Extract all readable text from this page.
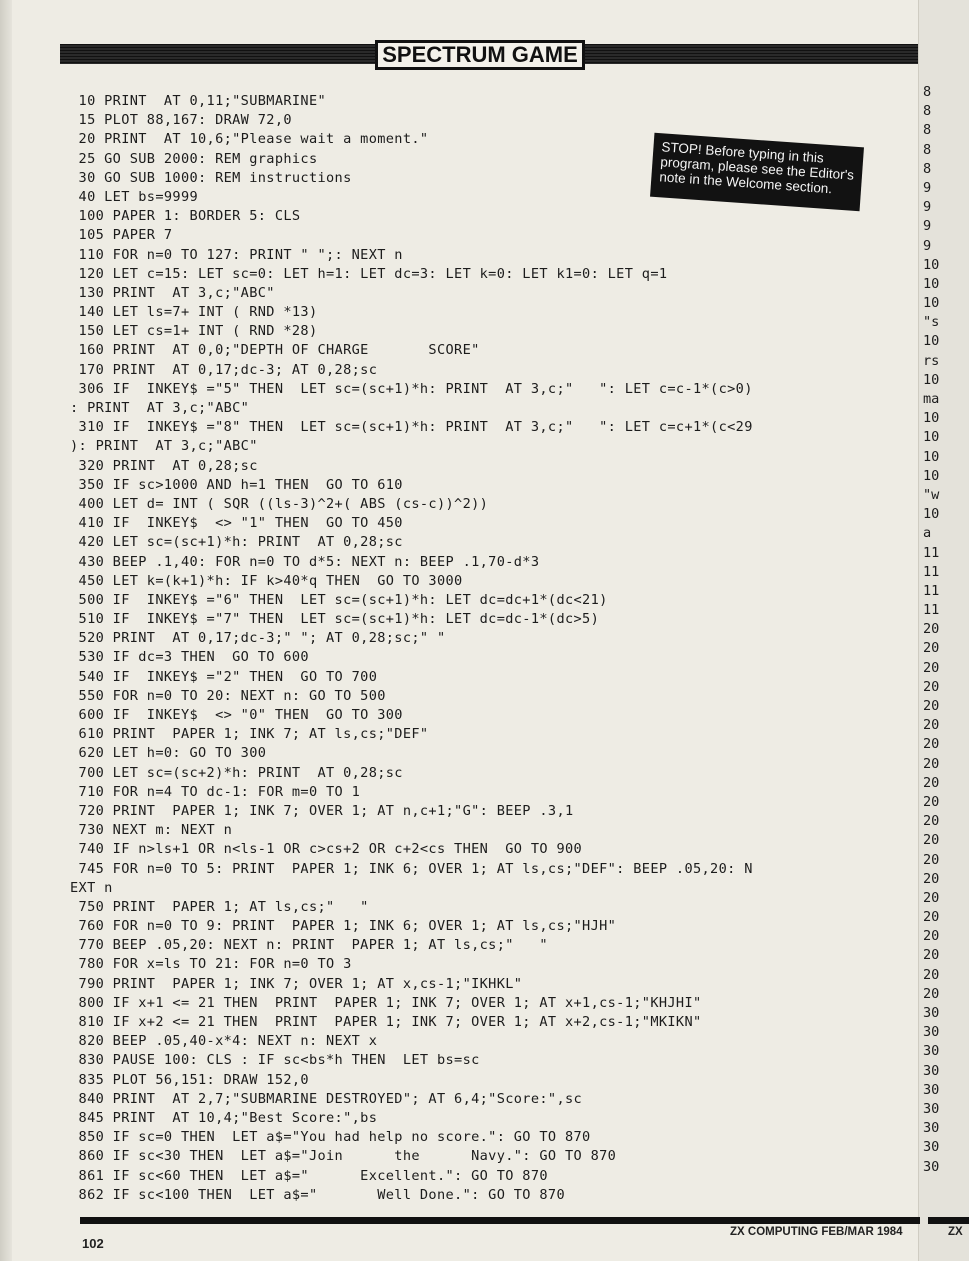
SPECTRUM GAME
10 PRINT  AT 0,11;"SUBMARINE"
15 PLOT 88,167: DRAW 72,0
20 PRINT  AT 10,6;"Please wait a moment."
25 GO SUB 2000: REM graphics
30 GO SUB 1000: REM instructions
40 LET bs=9999
100 PAPER 1: BORDER 5: CLS
105 PAPER 7
110 FOR n=0 TO 127: PRINT " ";: NEXT n
120 LET c=15: LET sc=0: LET h=1: LET dc=3: LET k=0: LET k1=0: LET q=1
130 PRINT  AT 3,c;"ABC"
140 LET ls=7+ INT ( RND *13)
150 LET cs=1+ INT ( RND *28)
160 PRINT  AT 0,0;"DEPTH OF CHARGE       SCORE"
170 PRINT  AT 0,17;dc-3; AT 0,28;sc
306 IF  INKEY$ ="5" THEN  LET sc=(sc+1)*h: PRINT  AT 3,c;"   ": LET c=c-1*(c>0)
: PRINT  AT 3,c;"ABC"
310 IF  INKEY$ ="8" THEN  LET sc=(sc+1)*h: PRINT  AT 3,c;"   ": LET c=c+1*(c<29
): PRINT  AT 3,c;"ABC"
320 PRINT  AT 0,28;sc
350 IF sc>1000 AND h=1 THEN  GO TO 610
400 LET d= INT ( SQR ((ls-3)^2+( ABS (cs-c))^2))
410 IF  INKEY$  <> "1" THEN  GO TO 450
420 LET sc=(sc+1)*h: PRINT  AT 0,28;sc
430 BEEP .1,40: FOR n=0 TO d*5: NEXT n: BEEP .1,70-d*3
450 LET k=(k+1)*h: IF k>40*q THEN  GO TO 3000
500 IF  INKEY$ ="6" THEN  LET sc=(sc+1)*h: LET dc=dc+1*(dc<21)
510 IF  INKEY$ ="7" THEN  LET sc=(sc+1)*h: LET dc=dc-1*(dc>5)
520 PRINT  AT 0,17;dc-3;" "; AT 0,28;sc;" "
530 IF dc=3 THEN  GO TO 600
540 IF  INKEY$ ="2" THEN  GO TO 700
550 FOR n=0 TO 20: NEXT n: GO TO 500
600 IF  INKEY$  <> "0" THEN  GO TO 300
610 PRINT  PAPER 1; INK 7; AT ls,cs;"DEF"
620 LET h=0: GO TO 300
700 LET sc=(sc+2)*h: PRINT  AT 0,28;sc
710 FOR n=4 TO dc-1: FOR m=0 TO 1
720 PRINT  PAPER 1; INK 7; OVER 1; AT n,c+1;"G": BEEP .3,1
730 NEXT m: NEXT n
740 IF n>ls+1 OR n<ls-1 OR c>cs+2 OR c+2<cs THEN  GO TO 900
745 FOR n=0 TO 5: PRINT  PAPER 1; INK 6; OVER 1; AT ls,cs;"DEF": BEEP .05,20: N
EXT n
750 PRINT  PAPER 1; AT ls,cs;"   "
760 FOR n=0 TO 9: PRINT  PAPER 1; INK 6; OVER 1; AT ls,cs;"HJH"
770 BEEP .05,20: NEXT n: PRINT  PAPER 1; AT ls,cs;"   "
780 FOR x=ls TO 21: FOR n=0 TO 3
790 PRINT  PAPER 1; INK 7; OVER 1; AT x,cs-1;"IKHKL"
800 IF x+1 <= 21 THEN  PRINT  PAPER 1; INK 7; OVER 1; AT x+1,cs-1;"KHJHI"
810 IF x+2 <= 21 THEN  PRINT  PAPER 1; INK 7; OVER 1; AT x+2,cs-1;"MKIKN"
820 BEEP .05,40-x*4: NEXT n: NEXT x
830 PAUSE 100: CLS : IF sc<bs*h THEN  LET bs=sc
835 PLOT 56,151: DRAW 152,0
840 PRINT  AT 2,7;"SUBMARINE DESTROYED"; AT 6,4;"Score:",sc
845 PRINT  AT 10,4;"Best Score:",bs
850 IF sc=0 THEN  LET a$="You had help no score.": GO TO 870
860 IF sc<30 THEN  LET a$="Join      the      Navy.": GO TO 870
861 IF sc<60 THEN  LET a$="      Excellent.": GO TO 870
862 IF sc<100 THEN  LET a$="       Well Done.": GO TO 870
STOP! Before typing in this program, please see the Editor's note in the Welcome section.
8
8
8
8
8
9
9
9
9
10
10
10
"s
10
rs
10
ma
10
10
10
10
"w
10
a
11
11
11
11
20
20
20
20
20
20
20
20
20
20
20
20
20
20
20
20
20
20
20
20
30
30
30
30
30
30
30
30
30
102
ZX COMPUTING FEB/MAR 1984	ZX
